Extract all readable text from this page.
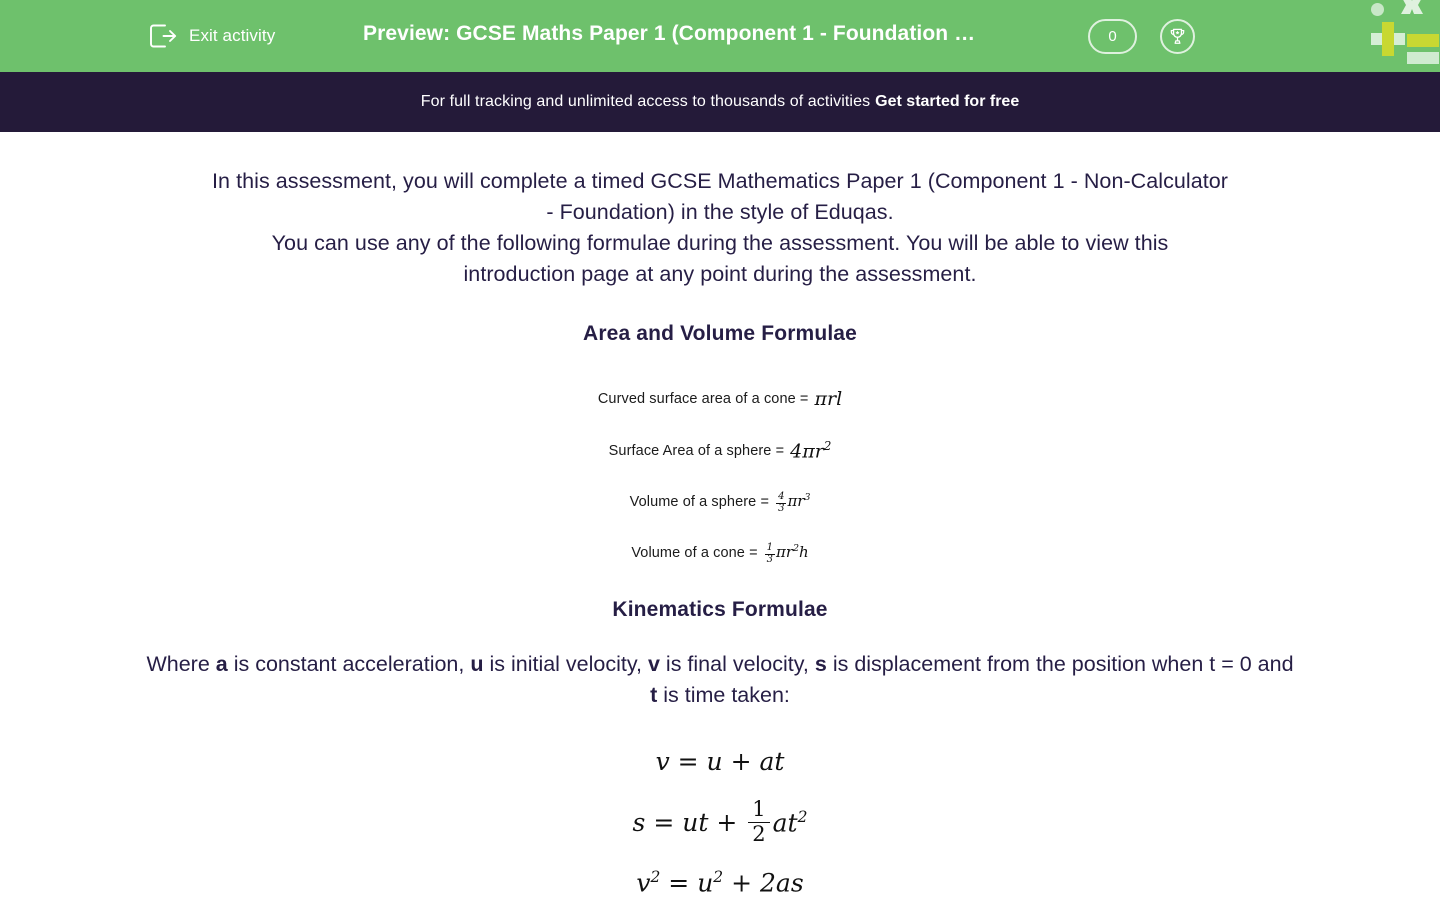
Exit activity	Preview: GCSE Maths Paper 1 (Component 1 - Foundation …	0
For full tracking and unlimited access to thousands of activities Get started for free
In this assessment, you will complete a timed GCSE Mathematics Paper 1 (Component 1 - Non-Calculator
- Foundation) in the style of Eduqas.
You can use any of the following formulae during the assessment. You will be able to view this
introduction page at any point during the assessment.
Area and Volume Formulae
Curved surface area of a cone = πrl
Surface Area of a sphere = $4\pi r^2$
Volume of a sphere = $\frac{4}{3} \pi r^3$
Volume of a cone = $\frac{1}{3} \pi r^2h$
Kinematics Formulae
Where a is constant acceleration, u is initial velocity, v is final velocity, s is displacement from the position when t = 0 and t is time taken:
v = u + at
s = ut + $\frac{1}{2} at^2$
$v^2 = u^2 + 2as$
